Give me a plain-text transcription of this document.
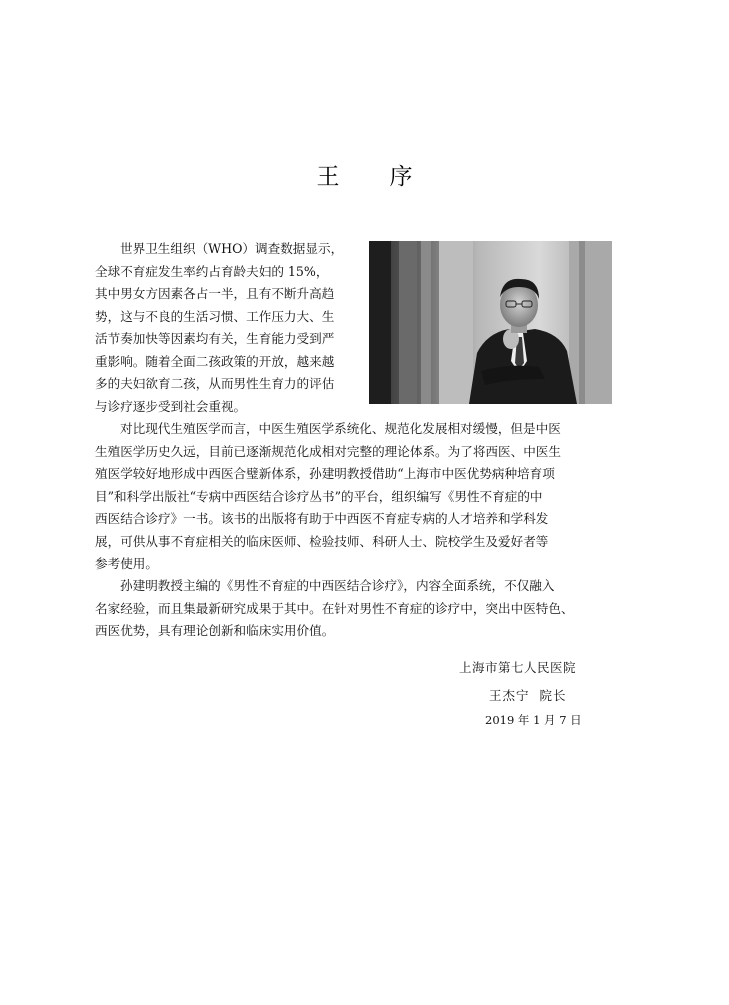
王 序
世界卫生组织（WHO）调查数据显示，
全球不育症发生率约占育龄夫妇的 15%，
其中男女方因素各占一半，且有不断升高趋
势，这与不良的生活习惯、工作压力大、生
活节奏加快等因素均有关，生育能力受到严
重影响。随着全面二孩政策的开放，越来越
多的夫妇欲育二孩，从而男性生育力的评估
与诊疗逐步受到社会重视。
对比现代生殖医学而言，中医生殖医学系统化、规范化发展相对缓慢，但是中医
生殖医学历史久远，目前已逐渐规范化成相对完整的理论体系。为了将西医、中医生
殖医学较好地形成中西医合璧新体系，孙建明教授借助“上海市中医优势病种培育项
目”和科学出版社“专病中西医结合诊疗丛书”的平台，组织编写《男性不育症的中
西医结合诊疗》一书。该书的出版将有助于中西医不育症专病的人才培养和学科发
展，可供从事不育症相关的临床医师、检验技师、科研人士、院校学生及爱好者等
参考使用。
孙建明教授主编的《男性不育症的中西医结合诊疗》，内容全面系统，不仅融入
名家经验，而且集最新研究成果于其中。在针对男性不育症的诊疗中，突出中医特色、
西医优势，具有理论创新和临床实用价值。
上海市第七人民医院
王杰宁  院长
2019 年 1 月 7 日
